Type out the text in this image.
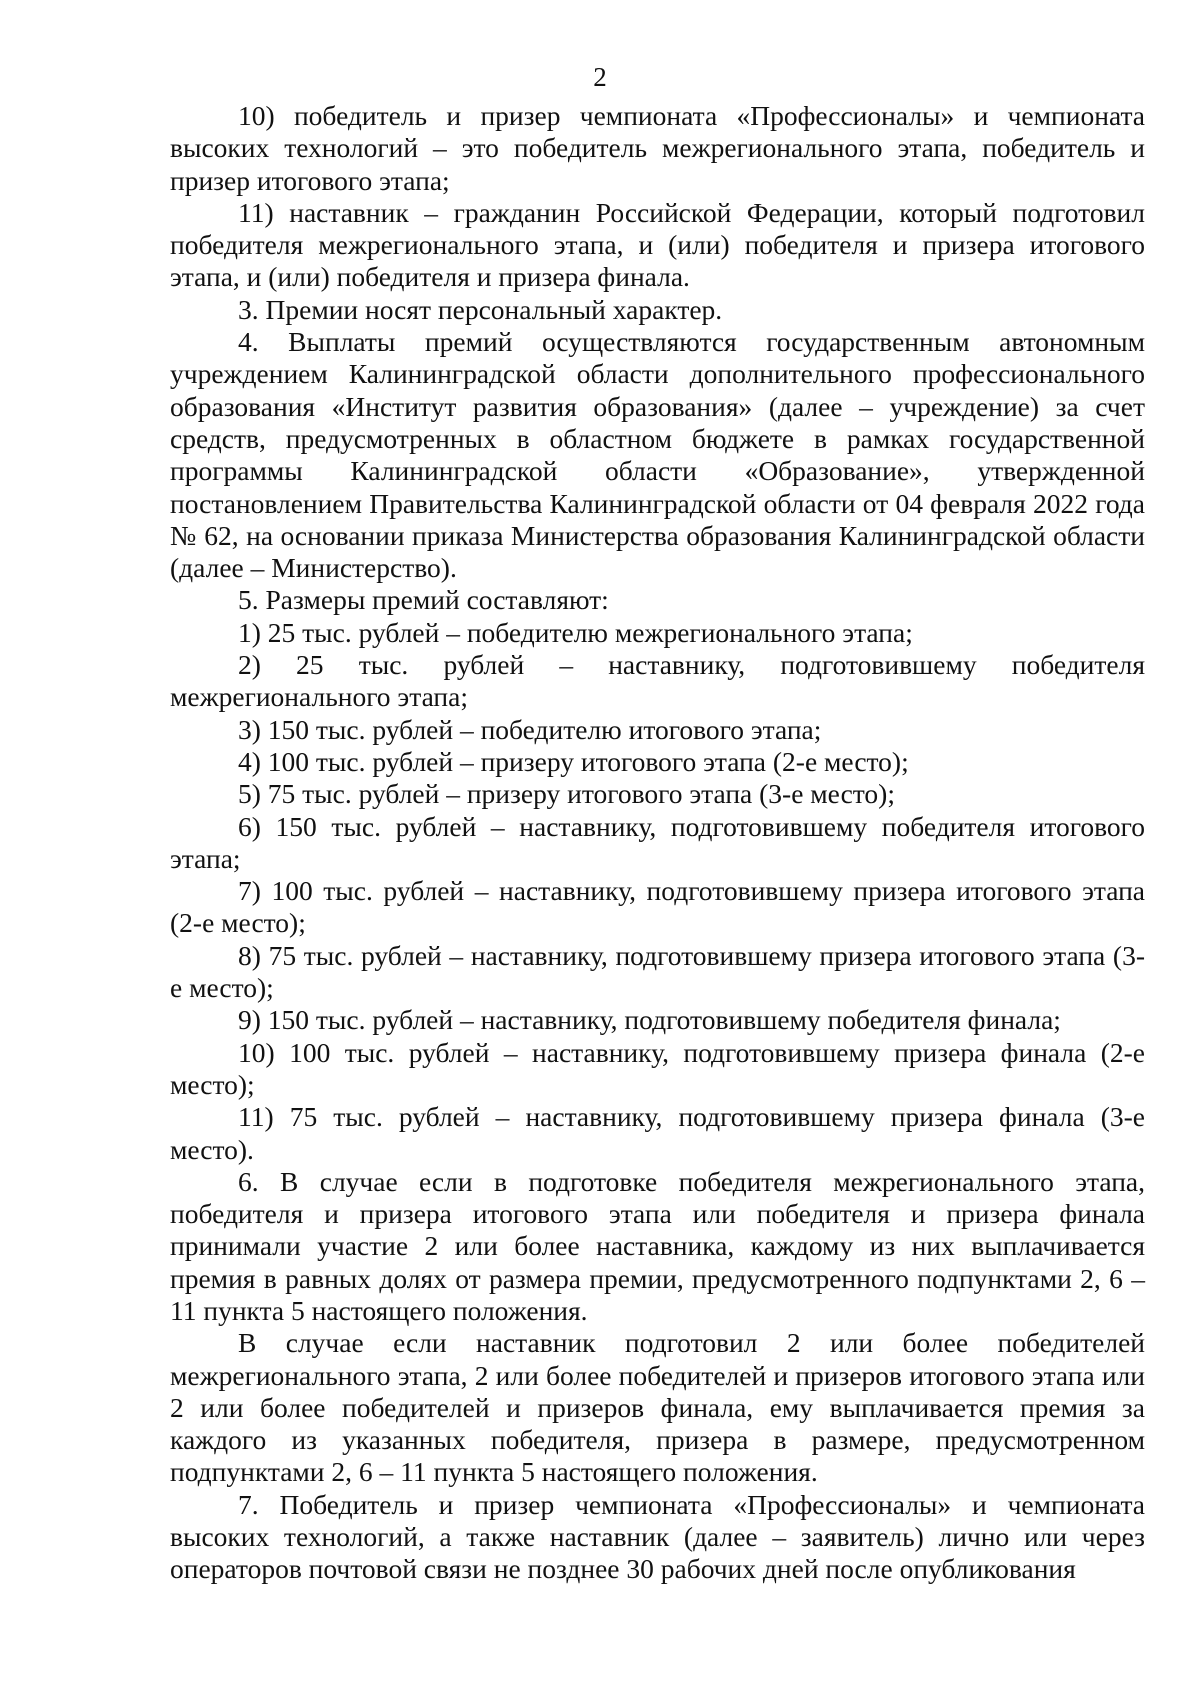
2

10) победитель и призер чемпионата «Профессионалы» и чемпионата высоких технологий – это победитель межрегионального этапа, победитель и призер итогового этапа;

11) наставник – гражданин Российской Федерации, который подготовил победителя межрегионального этапа, и (или) победителя и призера итогового этапа, и (или) победителя и призера финала.

3. Премии носят персональный характер.

4. Выплаты премий осуществляются государственным автономным учреждением Калининградской области дополнительного профессионального образования «Институт развития образования» (далее – учреждение) за счет средств, предусмотренных в областном бюджете в рамках государственной программы Калининградской области «Образование», утвержденной постановлением Правительства Калининградской области от 04 февраля 2022 года № 62, на основании приказа Министерства образования Калининградской области (далее – Министерство).

5. Размеры премий составляют:

1) 25 тыс. рублей – победителю межрегионального этапа;

2) 25 тыс. рублей – наставнику, подготовившему победителя межрегионального этапа;

3) 150 тыс. рублей – победителю итогового этапа;

4) 100 тыс. рублей – призеру итогового этапа (2-е место);

5) 75 тыс. рублей – призеру итогового этапа (3-е место);

6) 150 тыс. рублей – наставнику, подготовившему победителя итогового этапа;

7) 100 тыс. рублей – наставнику, подготовившему призера итогового этапа (2-е место);

8) 75 тыс. рублей – наставнику, подготовившему призера итогового этапа (3-е место);

9) 150 тыс. рублей – наставнику, подготовившему победителя финала;

10) 100 тыс. рублей – наставнику, подготовившему призера финала (2-е место);

11) 75 тыс. рублей – наставнику, подготовившему призера финала (3-е место).

6. В случае если в подготовке победителя межрегионального этапа, победителя и призера итогового этапа или победителя и призера финала принимали участие 2 или более наставника, каждому из них выплачивается премия в равных долях от размера премии, предусмотренного подпунктами 2, 6 – 11 пункта 5 настоящего положения.

В случае если наставник подготовил 2 или более победителей межрегионального этапа, 2 или более победителей и призеров итогового этапа или 2 или более победителей и призеров финала, ему выплачивается премия за каждого из указанных победителя, призера в размере, предусмотренном подпунктами 2, 6 – 11 пункта 5 настоящего положения.

7. Победитель и призер чемпионата «Профессионалы» и чемпионата высоких технологий, а также наставник (далее – заявитель) лично или через операторов почтовой связи не позднее 30 рабочих дней после опубликования
